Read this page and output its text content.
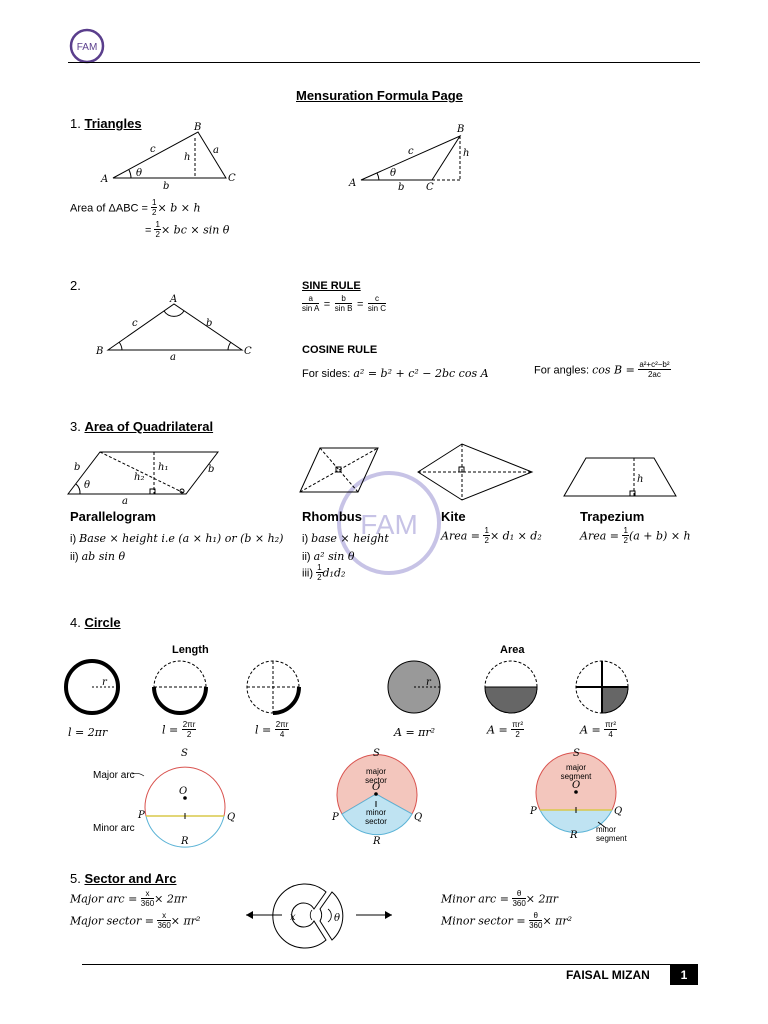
FAM
Mensuration Formula Page
1. Triangles
A
B
C
c	a
h
b
θ
A
B
C
c	h
b
θ
Area of $\Delta ABC = \frac{1}{2} \times b \times h$
= $\frac{1}{2}$ × bc × sin θ
2.
A
B	C
c	b
a
SINE RULE
$\frac{a}{\text{sin A}} = \frac{b}{\text{sin B}} = \frac{c}{\text{sin C}}$
COSINE RULE
For sides: a² = b² + c² − 2bc cos A	For angles: $\cos B = \frac{\text{a²+c²−b²}}{2ac}$
3. Area of Quadrilateral
FAM
b	b
h₁
h₂
θ
a
h
Parallelogram
i) Base × height i.e (a × h₁) or (b × h₂)
ii) ab sin θ
Rhombus
i) base × height
ii) a² sin θ
$iii) \frac{1}{2} d_1d_2$
Kite
Area = $\frac{1}{2} \times d_1 \times d_2$
Trapezium
Area = $\frac{1}{2} (a + b) \times h$
4. Circle
Length	Area
r	r
l = 2πr	$l = \frac{2\pi r}{2}$	$l = \frac{2\pi r}{4}$	A = πr²	$A = \frac{\text{πr²}}{2}$	$A = \frac{\text{πr²}}{4}$
Major arc
Minor arc
S
O
P	Q
R
S
O
P	Q
R
major
sector
minor
sector
S
O
P	Q
R
major
segment
minor
segment
5. Sector and Arc
Major arc = $\frac{x}{360} \times 2\pi r$
Major sector = $\frac{x}{360} \times \pi r^2$	x	θ
Minor arc = $\frac{\theta}{360} \times 2\pi r$
Minor sector = $\frac{\theta}{360} \times \pi r^2$
FAISAL MIZAN	1
